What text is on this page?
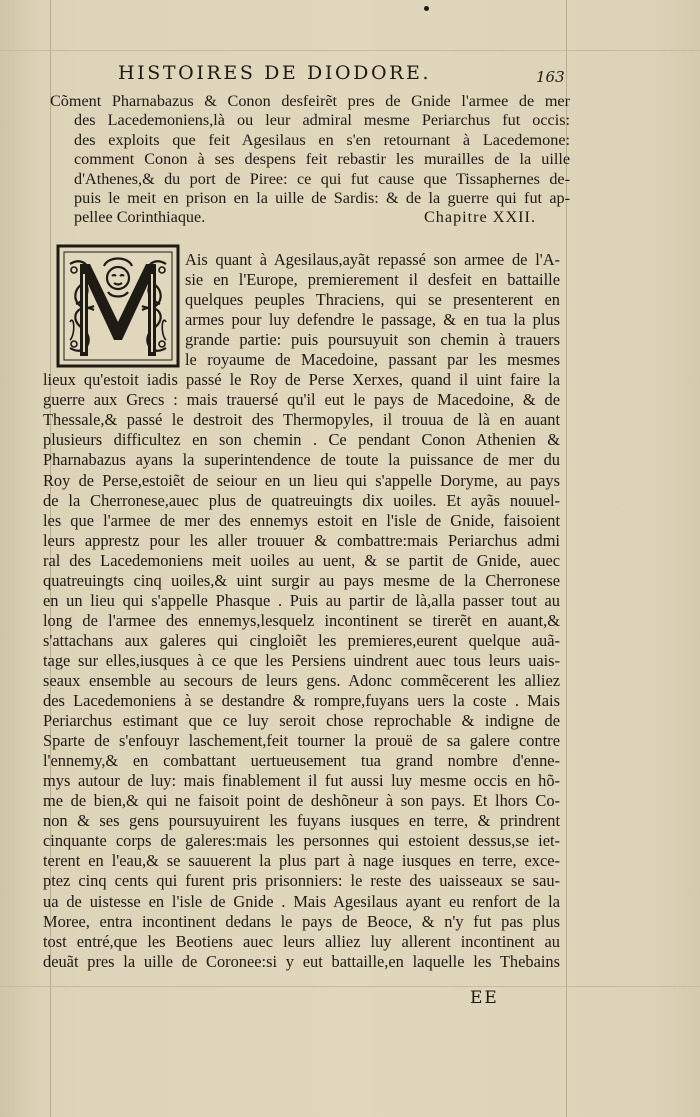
HISTOIRES DE DIODORE.	163
Cõment Pharnabazus & Conon desfeirẽt pres de Gnide l'armee de mer
des Lacedemoniens,là ou leur admiral mesme Periarchus fut occis:
des exploits que feit Agesilaus en s'en retournant à Lacedemone:
comment Conon à ses despens feit rebastir les murailles de la uille
d'Athenes,& du port de Piree: ce qui fut cause que Tissaphernes de-
puis le meit en prison en la uille de Sardis: & de la guerre qui fut ap-
pellee Corinthiaque.	Chapitre XXII.
Ais quant à Agesilaus,ayãt repassé son armee de l'A-
sie en l'Europe, premierement il desfeit en battaille
quelques peuples Thraciens, qui se presenterent en
armes pour luy defendre le passage, & en tua la plus
grande partie: puis poursuyuit son chemin à trauers
le royaume de Macedoine, passant par les mesmes
lieux qu'estoit iadis passé le Roy de Perse Xerxes, quand il uint faire la
guerre aux Grecs : mais trauersé qu'il eut le pays de Macedoine, & de
Thessale,& passé le destroit des Thermopyles, il trouua de là en auant
plusieurs difficultez en son chemin . Ce pendant Conon Athenien &
Pharnabazus ayans la superintendence de toute la puissance de mer du
Roy de Perse,estoiẽt de seiour en un lieu qui s'appelle Doryme, au pays
de la Cherronese,auec plus de quatreuingts dix uoiles. Et ayãs nouuel-
les que l'armee de mer des ennemys estoit en l'isle de Gnide, faisoient
leurs apprestz pour les aller trouuer & combattre:mais Periarchus admi
ral des Lacedemoniens meit uoiles au uent, & se partit de Gnide, auec
quatreuingts cinq uoiles,& uint surgir au pays mesme de la Cherronese
en un lieu qui s'appelle Phasque . Puis au partir de là,alla passer tout au
long de l'armee des ennemys,lesquelz incontinent se tirerẽt en auant,&
s'attachans aux galeres qui cingloiẽt les premieres,eurent quelque auã-
tage sur elles,iusques à ce que les Persiens uindrent auec tous leurs uais-
seaux ensemble au secours de leurs gens. Adonc commẽcerent les alliez
des Lacedemoniens à se destandre & rompre,fuyans uers la coste . Mais
Periarchus estimant que ce luy seroit chose reprochable & indigne de
Sparte de s'enfouyr laschement,feit tourner la prouë de sa galere contre
l'ennemy,& en combattant uertueusement tua grand nombre d'enne-
mys autour de luy: mais finablement il fut aussi luy mesme occis en hõ-
me de bien,& qui ne faisoit point de deshõneur à son pays. Et lhors Co-
non & ses gens poursuyuirent les fuyans iusques en terre, & prindrent
cinquante corps de galeres:mais les personnes qui estoient dessus,se iet-
terent en l'eau,& se sauuerent la plus part à nage iusques en terre, exce-
ptez cinq cents qui furent pris prisonniers: le reste des uaisseaux se sau-
ua de uistesse en l'isle de Gnide . Mais Agesilaus ayant eu renfort de la
Moree, entra incontinent dedans le pays de Beoce, & n'y fut pas plus
tost entré,que les Beotiens auec leurs alliez luy allerent incontinent au
deuãt pres la uille de Coronee:si y eut battaille,en laquelle les Thebains
EE
